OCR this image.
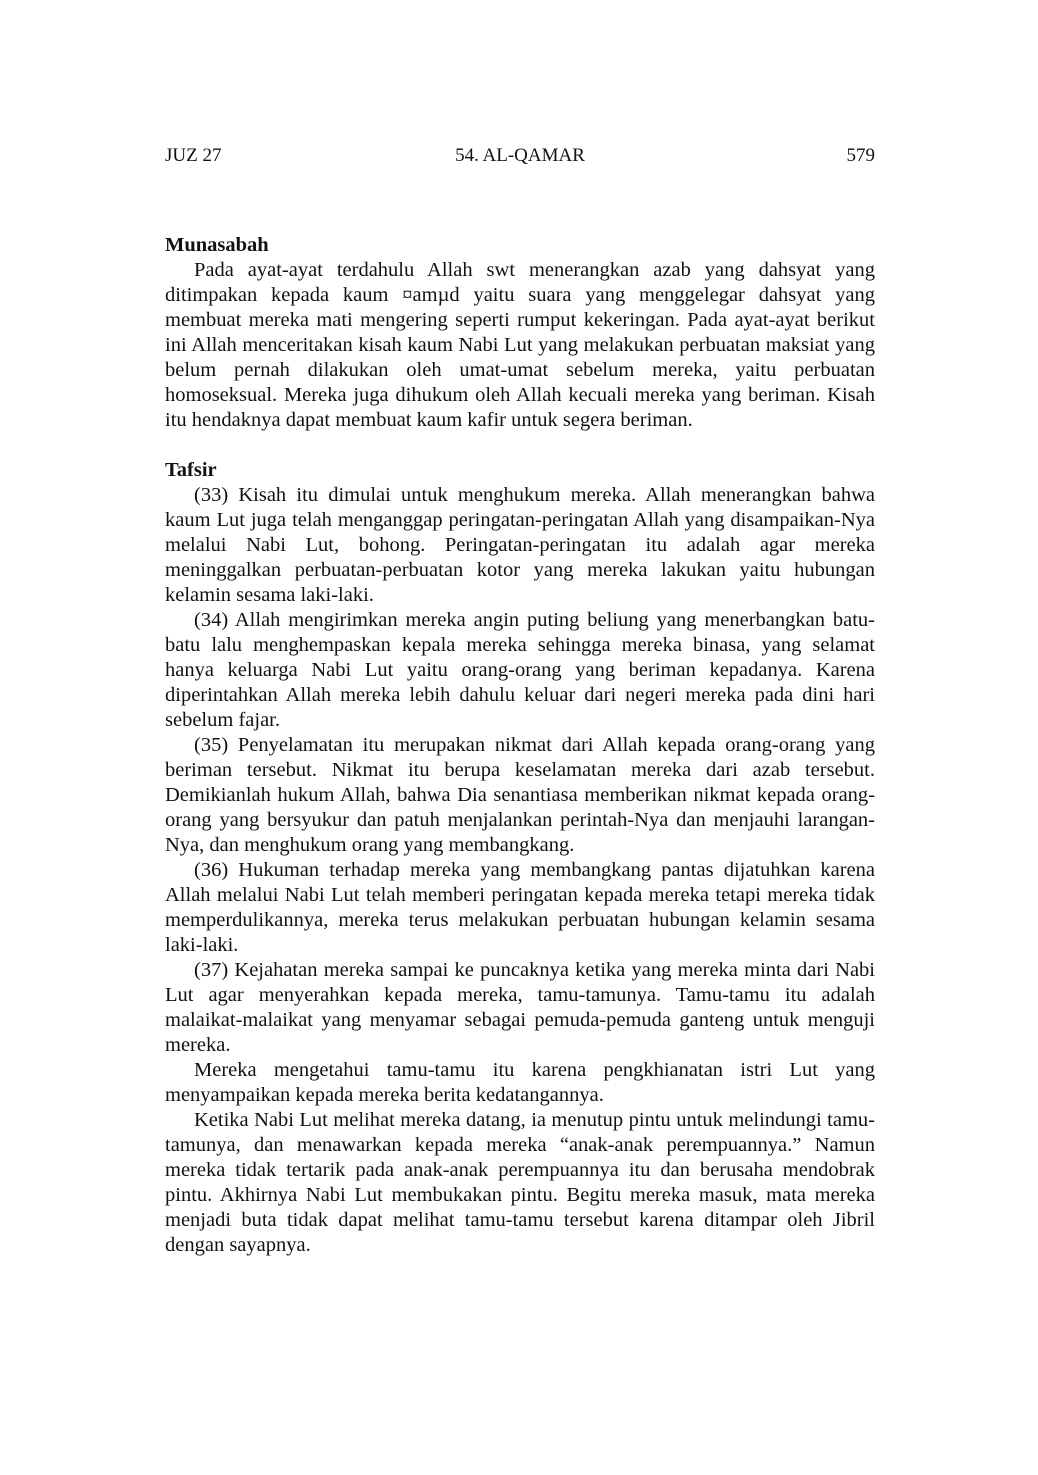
JUZ 27	54. AL-QAMAR	579

Munasabah

Pada ayat-ayat terdahulu Allah swt menerangkan azab yang dahsyat yang ditimpakan kepada kaum ¤amµd yaitu suara yang menggelegar dahsyat yang membuat mereka mati mengering seperti rumput kekeringan. Pada ayat-ayat berikut ini Allah menceritakan kisah kaum Nabi Lut yang melakukan perbuatan maksiat yang belum pernah dilakukan oleh umat-umat sebelum mereka, yaitu perbuatan homoseksual. Mereka juga dihukum oleh Allah kecuali mereka yang beriman. Kisah itu hendaknya dapat membuat kaum kafir untuk segera beriman.

Tafsir

(33) Kisah itu dimulai untuk menghukum mereka. Allah menerangkan bahwa kaum Lut juga telah menganggap peringatan-peringatan Allah yang disampaikan-Nya melalui Nabi Lut, bohong. Peringatan-peringatan itu adalah agar mereka meninggalkan perbuatan-perbuatan kotor yang mereka lakukan yaitu hubungan kelamin sesama laki-laki.

(34) Allah mengirimkan mereka angin puting beliung yang menerbangkan batu-batu lalu menghempaskan kepala mereka sehingga mereka binasa, yang selamat hanya keluarga Nabi Lut yaitu orang-orang yang beriman kepadanya. Karena diperintahkan Allah mereka lebih dahulu keluar dari negeri mereka pada dini hari sebelum fajar.

(35) Penyelamatan itu merupakan nikmat dari Allah kepada orang-orang yang beriman tersebut. Nikmat itu berupa keselamatan mereka dari azab tersebut. Demikianlah hukum Allah, bahwa Dia senantiasa memberikan nikmat kepada orang-orang yang bersyukur dan patuh menjalankan perintah-Nya dan menjauhi larangan-Nya, dan menghukum orang yang membangkang.

(36) Hukuman terhadap mereka yang membangkang pantas dijatuhkan karena Allah melalui Nabi Lut telah memberi peringatan kepada mereka tetapi mereka tidak memperdulikannya, mereka terus melakukan perbuatan hubungan kelamin sesama laki-laki.

(37) Kejahatan mereka sampai ke puncaknya ketika yang mereka minta dari Nabi Lut agar menyerahkan kepada mereka, tamu-tamunya. Tamu-tamu itu adalah malaikat-malaikat yang menyamar sebagai pemuda-pemuda ganteng untuk menguji mereka.

Mereka mengetahui tamu-tamu itu karena pengkhianatan istri Lut yang menyampaikan kepada mereka berita kedatangannya.

Ketika Nabi Lut melihat mereka datang, ia menutup pintu untuk melindungi tamu-tamunya, dan menawarkan kepada mereka “anak-anak perempuannya.” Namun mereka tidak tertarik pada anak-anak perempuannya itu dan berusaha mendobrak pintu. Akhirnya Nabi Lut membukakan pintu. Begitu mereka masuk, mata mereka menjadi buta tidak dapat melihat tamu-tamu tersebut karena ditampar oleh Jibril dengan sayapnya.
